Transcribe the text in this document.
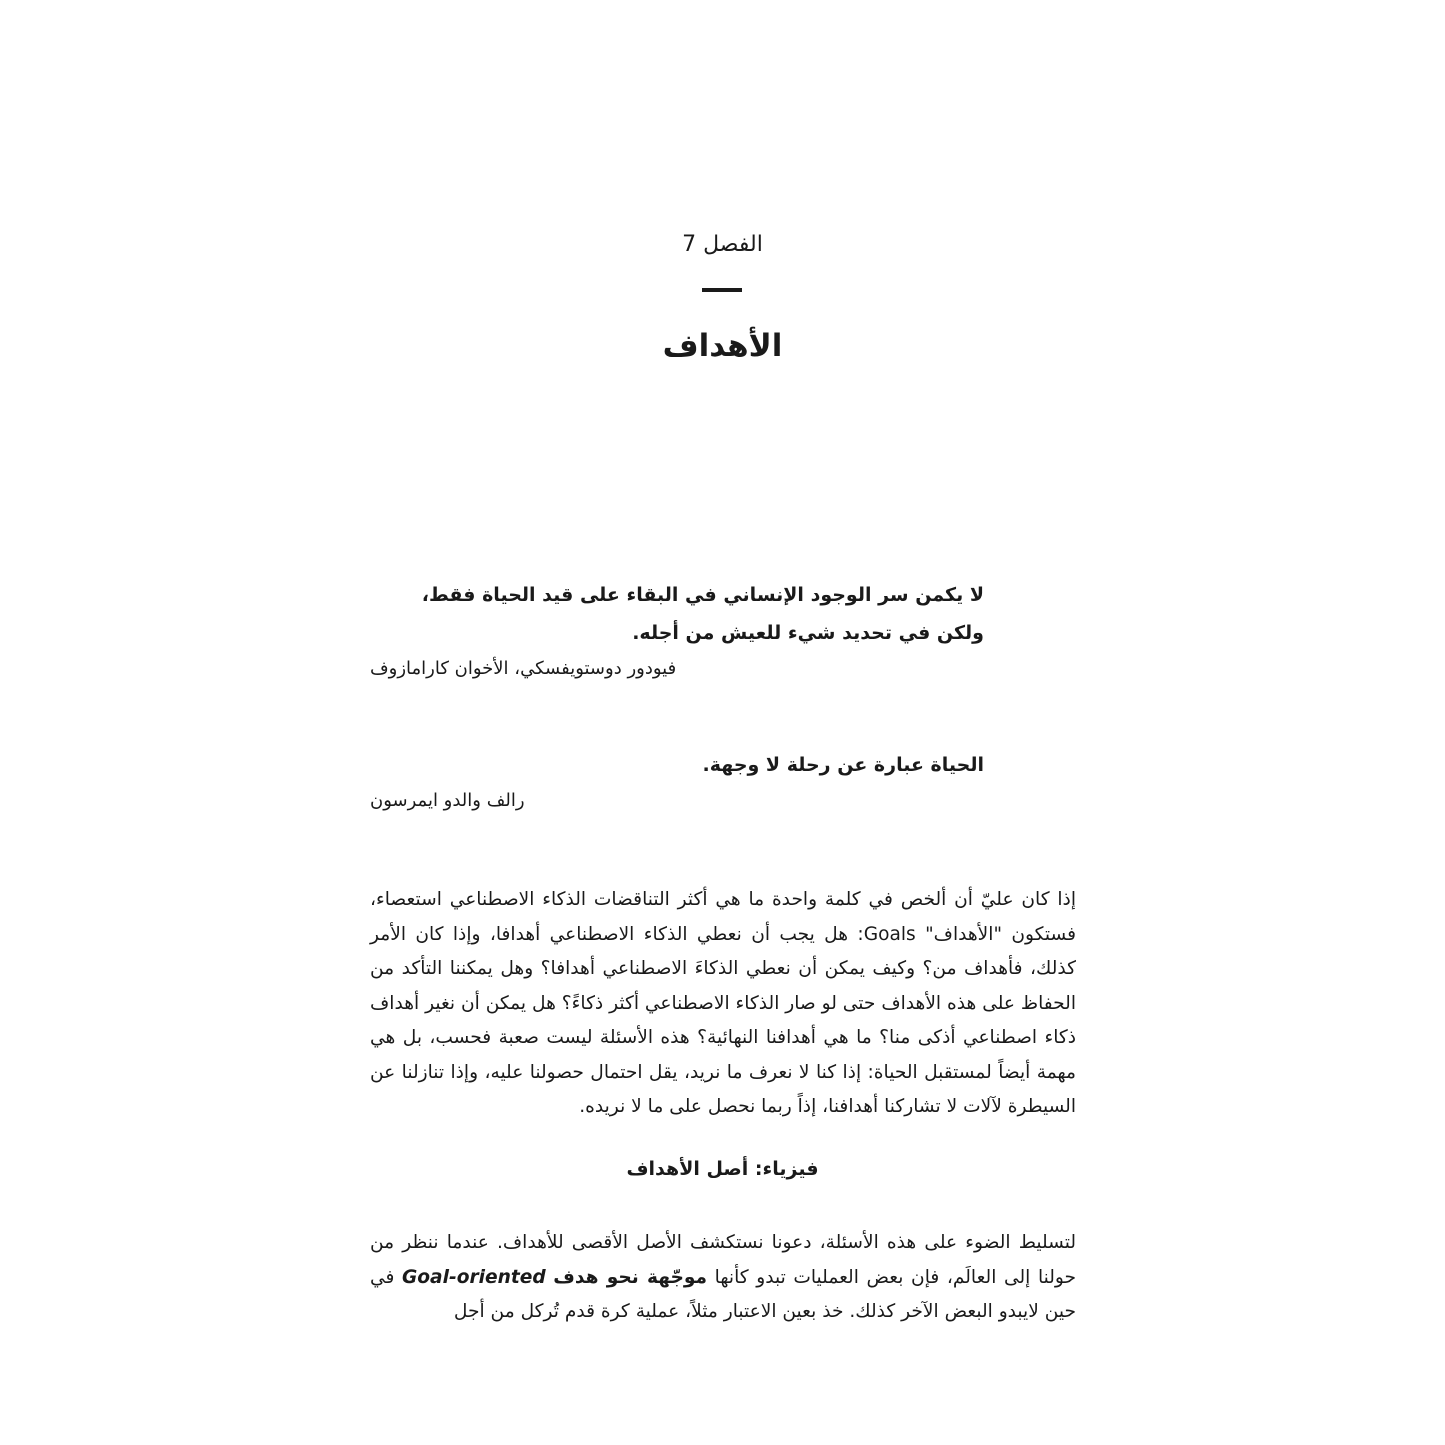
الفصل 7
الأهداف

لا يكمن سر الوجود الإنساني في البقاء على قيد الحياة فقط، ولكن في تحديد شيء للعيش من أجله.

فيودور دوستويفسكي، الأخوان كارامازوف

الحياة عبارة عن رحلة لا وجهة.

رالف والدو ايمرسون

إذا كان عليّ أن ألخص في كلمة واحدة ما هي أكثر التناقضات الذكاء الاصطناعي استعصاء، فستكون "الأهداف" Goals: هل يجب أن نعطي الذكاء الاصطناعي أهدافا، وإذا كان الأمر كذلك، فأهداف من؟ وكيف يمكن أن نعطي الذكاءَ الاصطناعي أهدافا؟ وهل يمكننا التأكد من الحفاظ على هذه الأهداف حتى لو صار الذكاء الاصطناعي أكثر ذكاءً؟ هل يمكن أن نغير أهداف ذكاء اصطناعي أذكى منا؟ ما هي أهدافنا النهائية؟ هذه الأسئلة ليست صعبة فحسب، بل هي مهمة أيضاً لمستقبل الحياة: إذا كنا لا نعرف ما نريد، يقل احتمال حصولنا عليه، وإذا تنازلنا عن السيطرة لآلات لا تشاركنا أهدافنا، إذاً ربما نحصل على ما لا نريده.

فيزياء: أصل الأهداف

لتسليط الضوء على هذه الأسئلة، دعونا نستكشف الأصل الأقصى للأهداف. عندما ننظر من حولنا إلى العالَم، فإن بعض العمليات تبدو كأنها موجّهة نحو هدف Goal-oriented في حين لايبدو البعض الآخر كذلك. خذ بعين الاعتبار مثلاً، عملية كرة قدم تُركل من أجل
